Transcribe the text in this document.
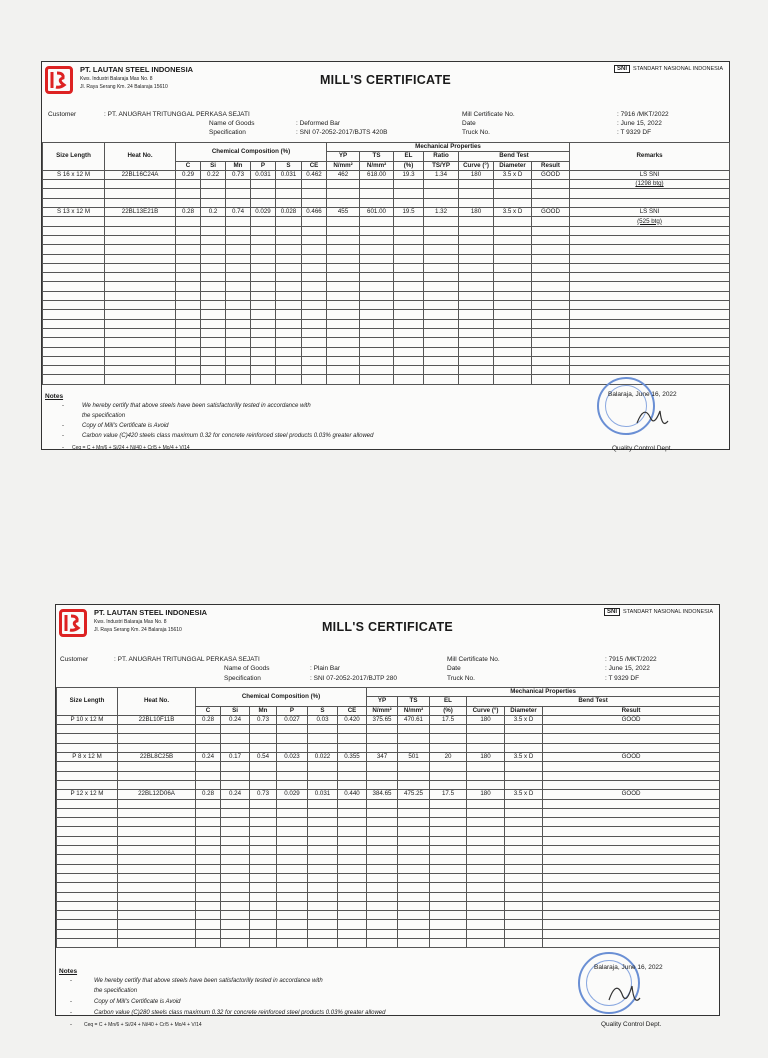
PT. LAUTAN STEEL INDONESIA
Kws. Industri Balaraja Mas No. 8
Jl. Raya Serang Km. 24 Balaraja 15610	MILL'S CERTIFICATE
SNI	STANDART NASIONAL INDONESIA
Customer	: PT. ANUGRAH TRITUNGGAL PERKASA SEJATI
Name of Goods	: Deformed Bar
Specification	: SNI 07-2052-2017/BJTS 420B
Mill Certificate No.	: 7916 /MKT/2022
Date	: June 15, 2022
Truck No.	: T 9329 DF
Size Length	Heat No.	Chemical Composition (%)						Mechanical Properties							Remarks
								YP	TS	EL	Ratio	Bend Test			
		C	Si	Mn	P	S	CE	N/mm²	N/mm²	(%)	TS/YP	Curve (°)	Diameter	Result	
S 16 x 12 M	22BL16C24A	0.29	0.22	0.73	0.031	0.031	0.462	462	618.00	19.3	1.34	180	3.5 x D	GOOD	LS SNI
															(1298 btg)

S 13 x 12 M	22BL13E21B	0.28	0.2	0.74	0.029	0.028	0.466	455	601.00	19.5	1.32	180	3.5 x D	GOOD	LS SNI
															(525 btg)

Notes
-	We hereby certify that above steels have been satisfactorilly tested in accordance with
the specification
-	Copy of Mill's Certificate is Avoid
-	Carbon value (C)420 steels class maximum 0.32 for concrete reinforced steel products 0.03% greater allowed
- Ceq = C + Mn/6 + Si/24 + Ni/40 + Cr/5 + Mo/4 + V/14
Balaraja, June 16, 2022
Quality Control Dept.
PT. LAUTAN STEEL INDONESIA
Kws. Industri Balaraja Mas No. 8
Jl. Raya Serang Km. 24 Balaraja 15610	MILL'S CERTIFICATE
SNI	STANDART NASIONAL INDONESIA
Customer	: PT. ANUGRAH TRITUNGGAL PERKASA SEJATI
Name of Goods	: Plain Bar
Specification	: SNI 07-2052-2017/BJTP 280
Mill Certificate No.	: 7915 /MKT/2022
Date	: June 15, 2022
Truck No.	: T 9329 DF
Size Length	Heat No.	Chemical Composition (%)						Mechanical Properties	
								YP	TS	EL	Bend Test			
		C	Si	Mn	P	S	CE	N/mm²	N/mm²	(%)	Curve (°)	Diameter	Result	
P 10 x 12 M	22BL10F11B	0.28	0.24	0.73	0.027	0.03	0.420	375.65	470.61	17.5	180	3.5 x D	GOOD	

P 8 x 12 M	22BL8C25B	0.24	0.17	0.54	0.023	0.022	0.355	347	501	20	180	3.5 x D	GOOD	

P 12 x 12 M	22BL12D06A	0.28	0.24	0.73	0.029	0.031	0.440	384.65	475.25	17.5	180	3.5 x D	GOOD	

Notes
-	We hereby certify that above steels have been satisfactorilly tested in accordance with
the specification
-	Copy of Mill's Certificate is Avoid
-	Carbon value (C)280 steels class maximum 0.32 for concrete reinforced steel products 0.03% greater allowed
- Ceq = C + Mn/6 + Si/24 + Ni/40 + Cr/5 + Mo/4 + V/14
Balaraja, June 16, 2022
Quality Control Dept.
